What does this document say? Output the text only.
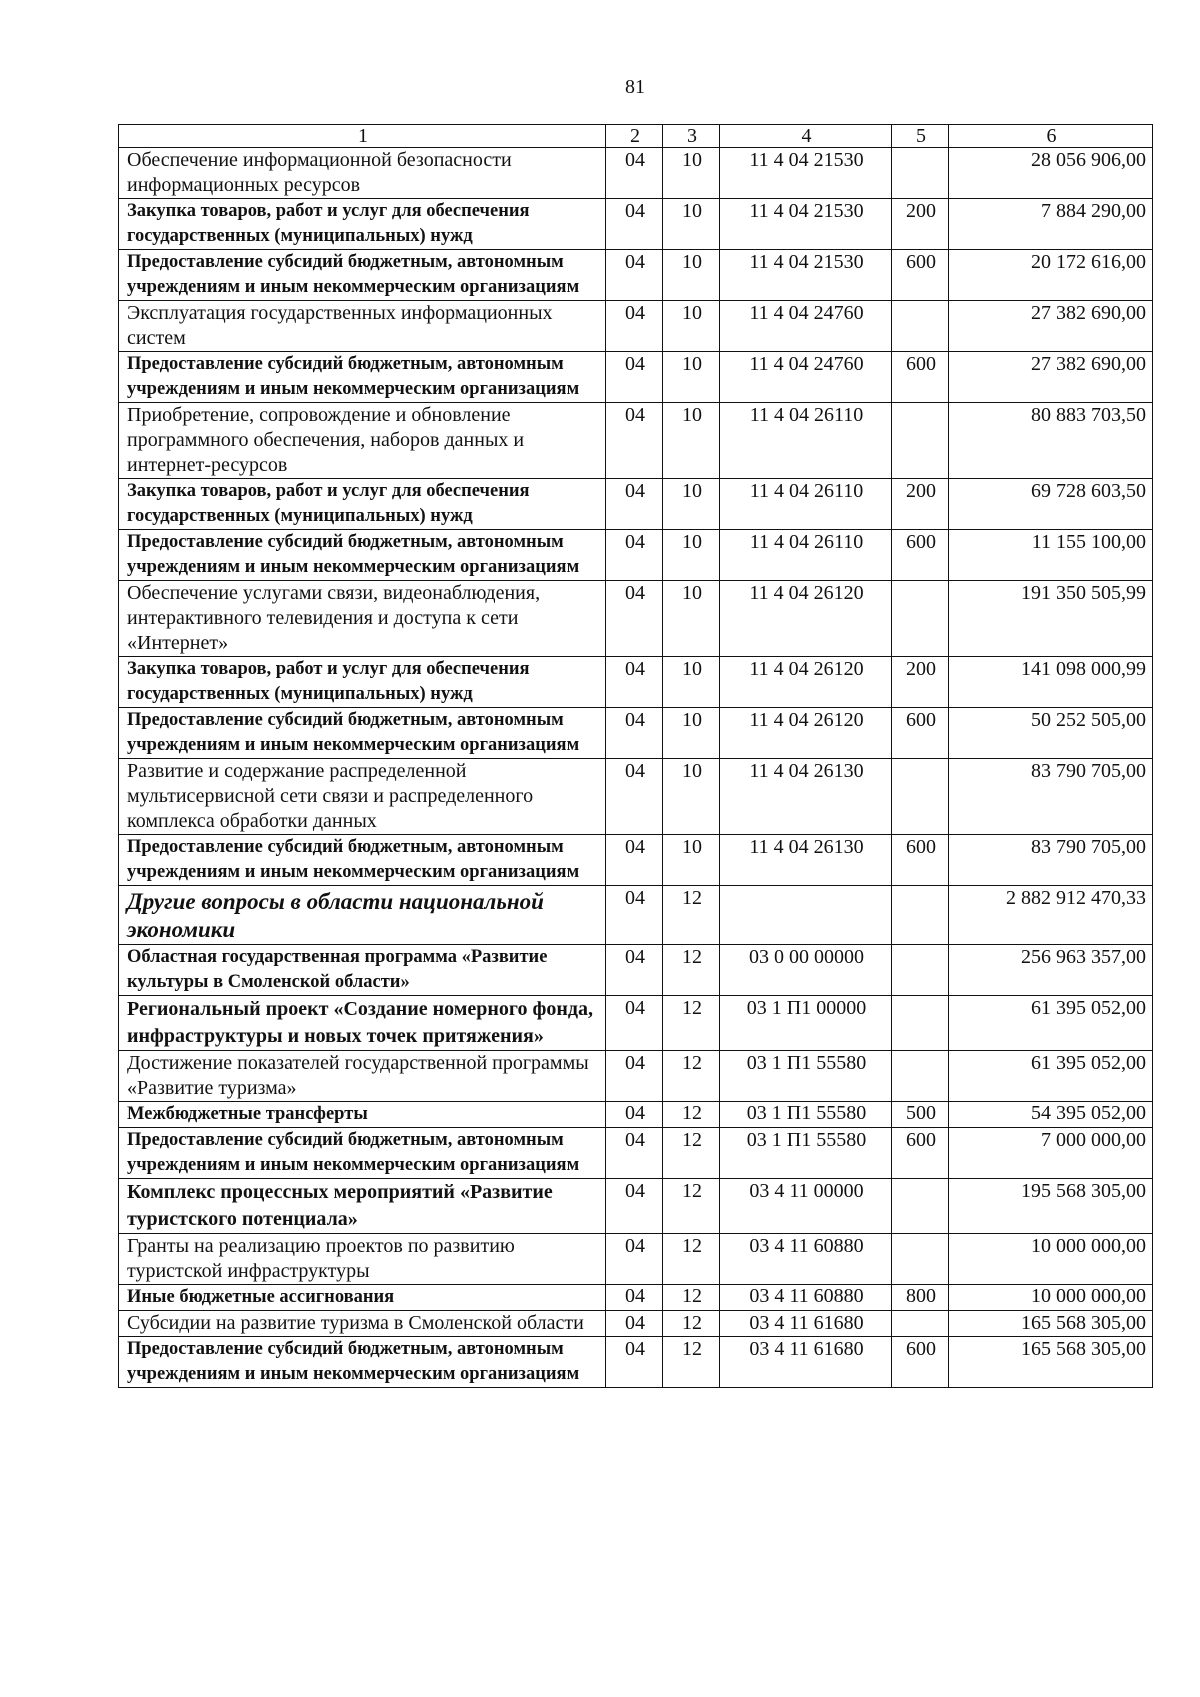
81
1	2	3	4	5	6
Обеспечение информационной безопасности информационных ресурсов	04	10	11 4 04 21530		28 056 906,00
Закупка товаров, работ и услуг для обеспечения государственных (муниципальных) нужд	04	10	11 4 04 21530	200	7 884 290,00
Предоставление субсидий бюджетным, автономным учреждениям и иным некоммерческим организациям	04	10	11 4 04 21530	600	20 172 616,00
Эксплуатация государственных информационных систем	04	10	11 4 04 24760		27 382 690,00
Предоставление субсидий бюджетным, автономным учреждениям и иным некоммерческим организациям	04	10	11 4 04 24760	600	27 382 690,00
Приобретение, сопровождение и обновление программного обеспечения, наборов данных и интернет-ресурсов	04	10	11 4 04 26110		80 883 703,50
Закупка товаров, работ и услуг для обеспечения государственных (муниципальных) нужд	04	10	11 4 04 26110	200	69 728 603,50
Предоставление субсидий бюджетным, автономным учреждениям и иным некоммерческим организациям	04	10	11 4 04 26110	600	11 155 100,00
Обеспечение услугами связи, видеонаблюдения, интерактивного телевидения и доступа к сети «Интернет»	04	10	11 4 04 26120		191 350 505,99
Закупка товаров, работ и услуг для обеспечения государственных (муниципальных) нужд	04	10	11 4 04 26120	200	141 098 000,99
Предоставление субсидий бюджетным, автономным учреждениям и иным некоммерческим организациям	04	10	11 4 04 26120	600	50 252 505,00
Развитие и содержание распределенной мультисервисной сети связи и распределенного комплекса обработки данных	04	10	11 4 04 26130		83 790 705,00
Предоставление субсидий бюджетным, автономным учреждениям и иным некоммерческим организациям	04	10	11 4 04 26130	600	83 790 705,00
Другие вопросы в области национальной экономики	04	12			2 882 912 470,33
Областная государственная программа «Развитие культуры в Смоленской области»	04	12	03 0 00 00000		256 963 357,00
Региональный проект «Создание номерного фонда, инфраструктуры и новых точек притяжения»	04	12	03 1 П1 00000		61 395 052,00
Достижение показателей государственной программы «Развитие туризма»	04	12	03 1 П1 55580		61 395 052,00
Межбюджетные трансферты	04	12	03 1 П1 55580	500	54 395 052,00
Предоставление субсидий бюджетным, автономным учреждениям и иным некоммерческим организациям	04	12	03 1 П1 55580	600	7 000 000,00
Комплекс процессных мероприятий «Развитие туристского потенциала»	04	12	03 4 11 00000		195 568 305,00
Гранты на реализацию проектов по развитию туристской инфраструктуры	04	12	03 4 11 60880		10 000 000,00
Иные бюджетные ассигнования	04	12	03 4 11 60880	800	10 000 000,00
Субсидии на развитие туризма в Смоленской области	04	12	03 4 11 61680		165 568 305,00
Предоставление субсидий бюджетным, автономным учреждениям и иным некоммерческим организациям	04	12	03 4 11 61680	600	165 568 305,00
